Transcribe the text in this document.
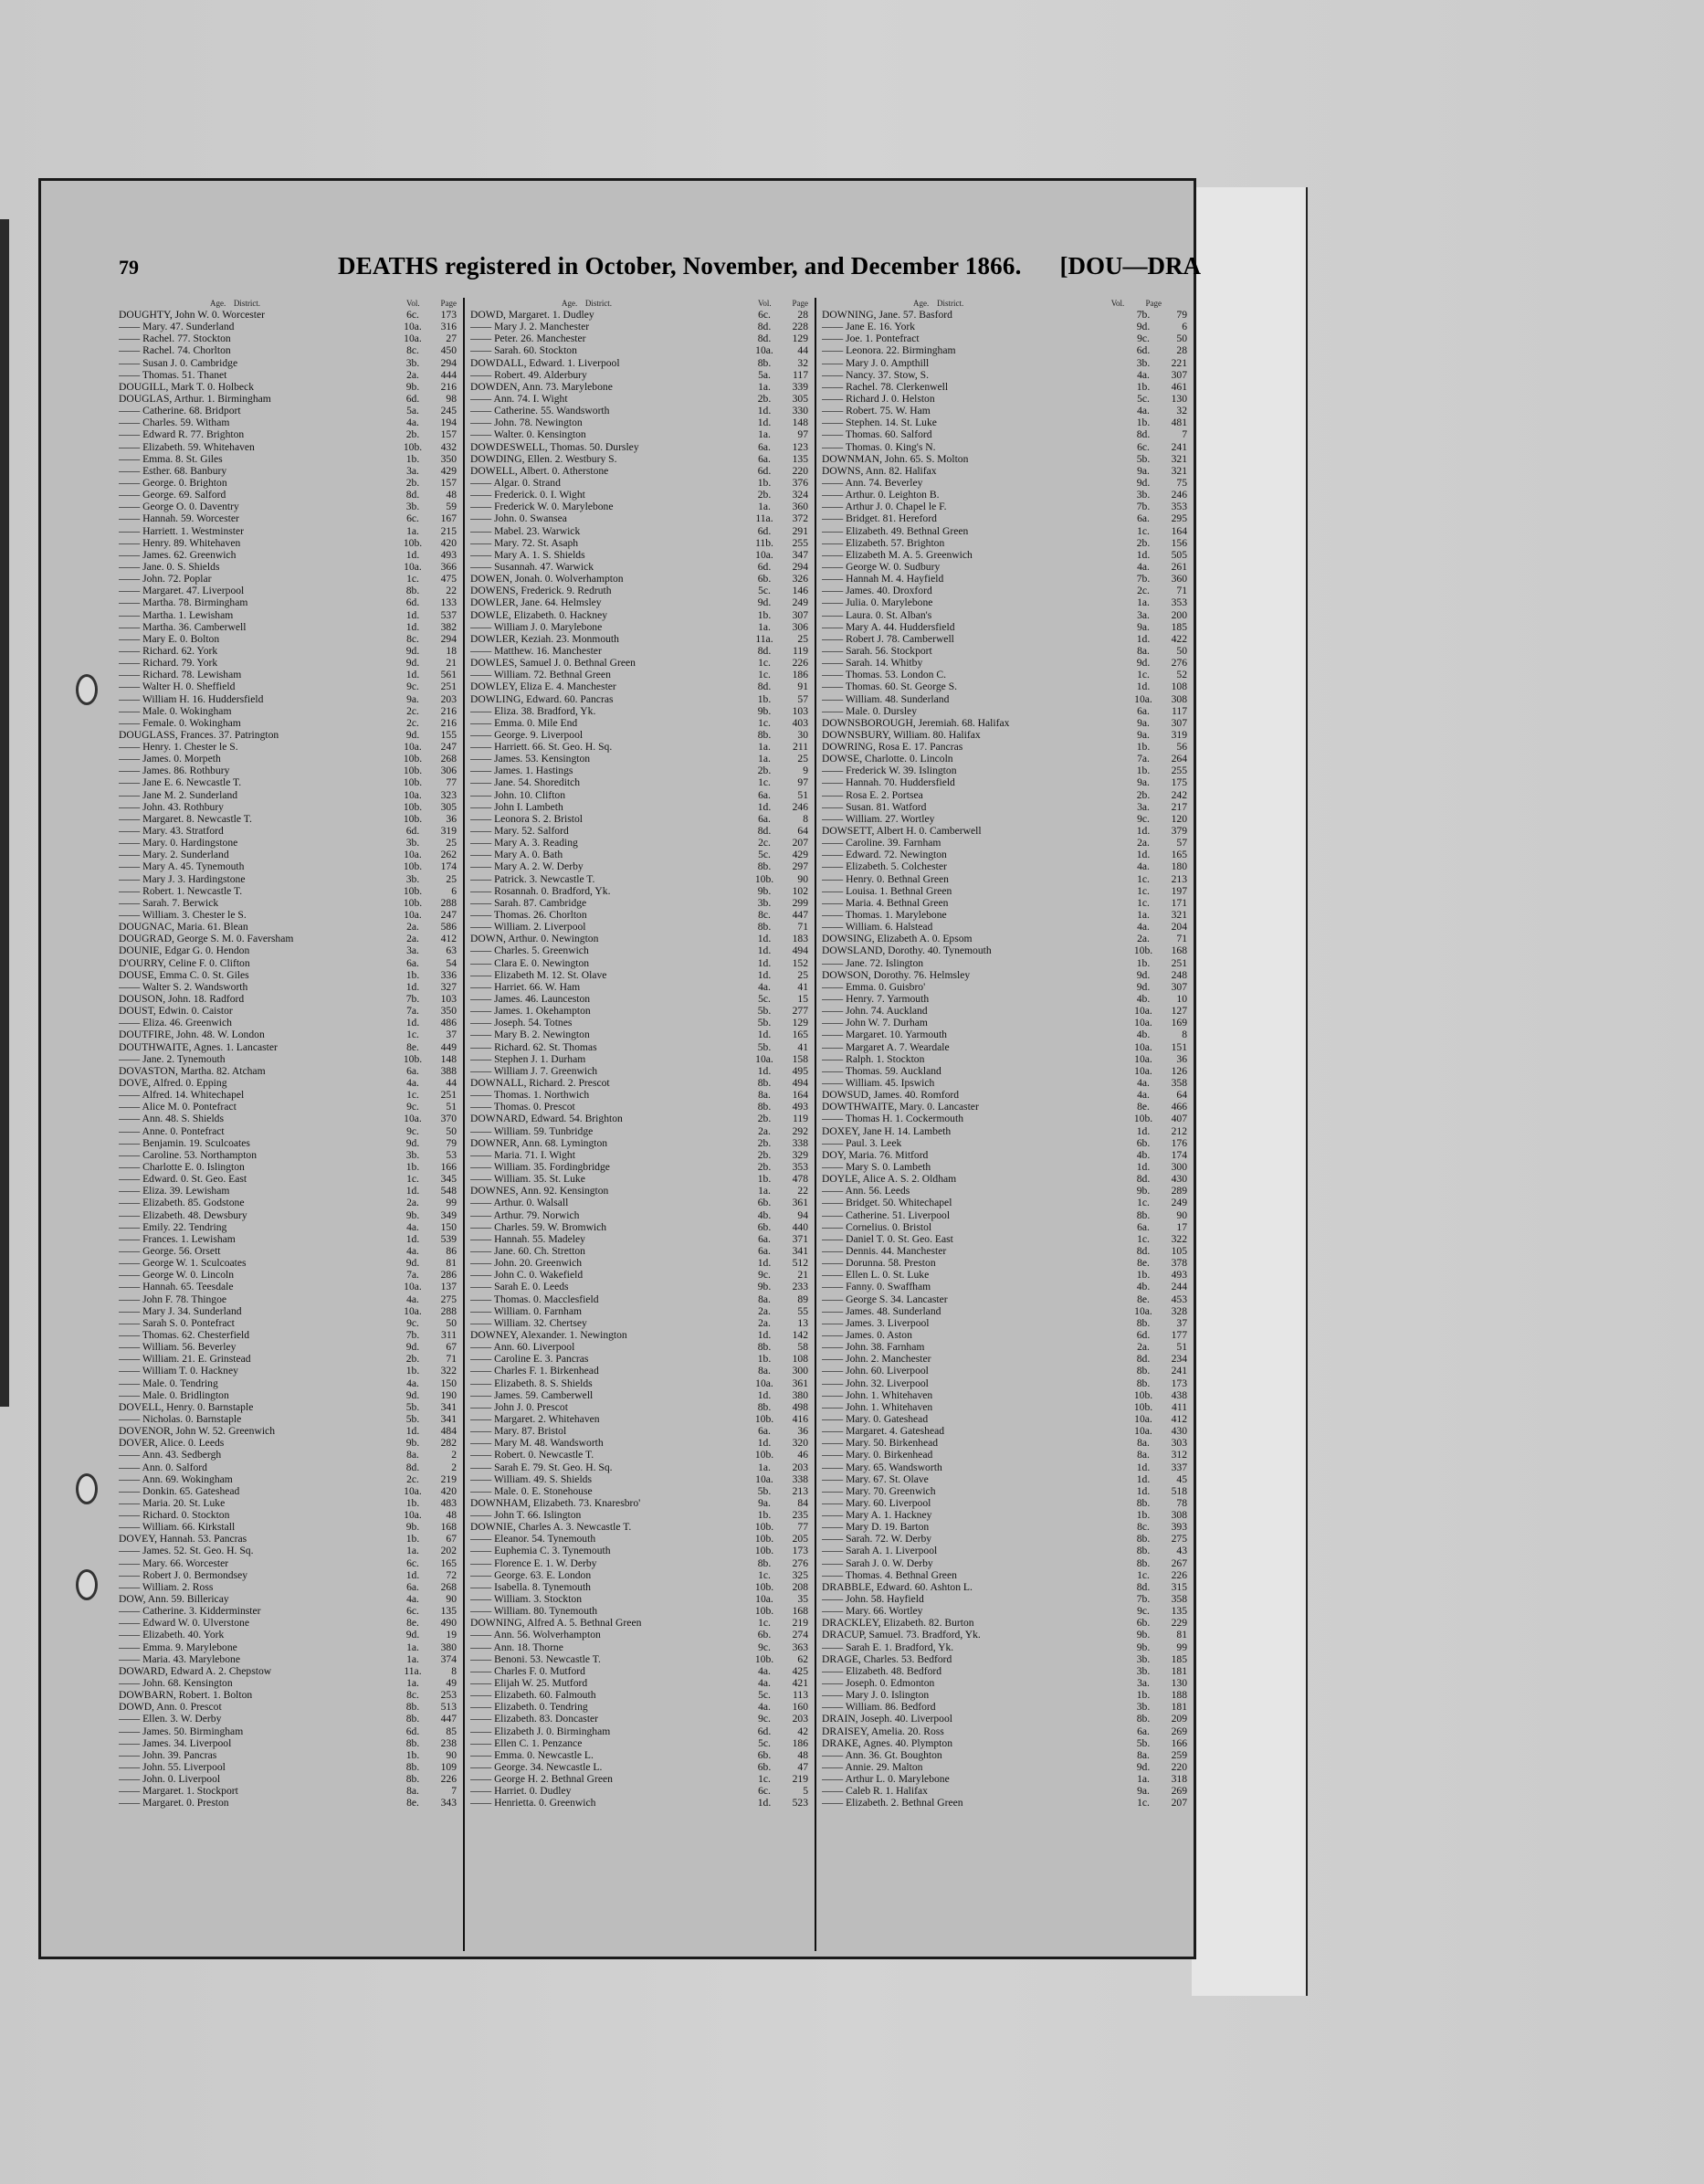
79	DEATHS registered in October, November, and December 1866. [DOU—DRA
Age. District.	Vol.	Page
DOUGHTY, John W. 0. Worcester	6c.	173
—— Mary. 47. Sunderland	10a.	316
—— Rachel. 77. Stockton	10a.	27
—— Rachel. 74. Chorlton	8c.	450
—— Susan J. 0. Cambridge	3b.	294
—— Thomas. 51. Thanet	2a.	444
DOUGILL, Mark T. 0. Holbeck	9b.	216
DOUGLAS, Arthur. 1. Birmingham	6d.	98
—— Catherine. 68. Bridport	5a.	245
—— Charles. 59. Witham	4a.	194
—— Edward R. 77. Brighton	2b.	157
—— Elizabeth. 59. Whitehaven	10b.	432
—— Emma. 8. St. Giles	1b.	350
—— Esther. 68. Banbury	3a.	429
—— George. 0. Brighton	2b.	157
—— George. 69. Salford	8d.	48
—— George O. 0. Daventry	3b.	59
—— Hannah. 59. Worcester	6c.	167
—— Harriett. 1. Westminster	1a.	215
—— Henry. 89. Whitehaven	10b.	420
—— James. 62. Greenwich	1d.	493
—— Jane. 0. S. Shields	10a.	366
—— John. 72. Poplar	1c.	475
—— Margaret. 47. Liverpool	8b.	22
—— Martha. 78. Birmingham	6d.	133
—— Martha. 1. Lewisham	1d.	537
—— Martha. 36. Camberwell	1d.	382
—— Mary E. 0. Bolton	8c.	294
—— Richard. 62. York	9d.	18
—— Richard. 79. York	9d.	21
—— Richard. 78. Lewisham	1d.	561
—— Walter H. 0. Sheffield	9c.	251
—— William H. 16. Huddersfield	9a.	203
—— Male. 0. Wokingham	2c.	216
—— Female. 0. Wokingham	2c.	216
DOUGLASS, Frances. 37. Patrington	9d.	155
—— Henry. 1. Chester le S.	10a.	247
—— James. 0. Morpeth	10b.	268
—— James. 86. Rothbury	10b.	306
—— Jane E. 6. Newcastle T.	10b.	77
—— Jane M. 2. Sunderland	10a.	323
—— John. 43. Rothbury	10b.	305
—— Margaret. 8. Newcastle T.	10b.	36
—— Mary. 43. Stratford	6d.	319
—— Mary. 0. Hardingstone	3b.	25
—— Mary. 2. Sunderland	10a.	262
—— Mary A. 45. Tynemouth	10b.	174
—— Mary J. 3. Hardingstone	3b.	25
—— Robert. 1. Newcastle T.	10b.	6
—— Sarah. 7. Berwick	10b.	288
—— William. 3. Chester le S.	10a.	247
DOUGNAC, Maria. 61. Blean	2a.	586
DOUGRAD, George S. M. 0. Faversham	2a.	412
DOUNIE, Edgar G. 0. Hendon	3a.	63
D'OURRY, Celine F. 0. Clifton	6a.	54
DOUSE, Emma C. 0. St. Giles	1b.	336
—— Walter S. 2. Wandsworth	1d.	327
DOUSON, John. 18. Radford	7b.	103
DOUST, Edwin. 0. Caistor	7a.	350
—— Eliza. 46. Greenwich	1d.	486
DOUTFIRE, John. 48. W. London	1c.	37
DOUTHWAITE, Agnes. 1. Lancaster	8e.	449
—— Jane. 2. Tynemouth	10b.	148
DOVASTON, Martha. 82. Atcham	6a.	388
DOVE, Alfred. 0. Epping	4a.	44
—— Alfred. 14. Whitechapel	1c.	251
—— Alice M. 0. Pontefract	9c.	51
—— Ann. 48. S. Shields	10a.	370
—— Anne. 0. Pontefract	9c.	50
—— Benjamin. 19. Sculcoates	9d.	79
—— Caroline. 53. Northampton	3b.	53
—— Charlotte E. 0. Islington	1b.	166
—— Edward. 0. St. Geo. East	1c.	345
—— Eliza. 39. Lewisham	1d.	548
—— Elizabeth. 85. Godstone	2a.	99
—— Elizabeth. 48. Dewsbury	9b.	349
—— Emily. 22. Tendring	4a.	150
—— Frances. 1. Lewisham	1d.	539
—— George. 56. Orsett	4a.	86
—— George W. 1. Sculcoates	9d.	81
—— George W. 0. Lincoln	7a.	286
—— Hannah. 65. Teesdale	10a.	137
—— John F. 78. Thingoe	4a.	275
—— Mary J. 34. Sunderland	10a.	288
—— Sarah S. 0. Pontefract	9c.	50
—— Thomas. 62. Chesterfield	7b.	311
—— William. 56. Beverley	9d.	67
—— William. 21. E. Grinstead	2b.	71
—— William T. 0. Hackney	1b.	322
—— Male. 0. Tendring	4a.	150
—— Male. 0. Bridlington	9d.	190
DOVELL, Henry. 0. Barnstaple	5b.	341
—— Nicholas. 0. Barnstaple	5b.	341
DOVENOR, John W. 52. Greenwich	1d.	484
DOVER, Alice. 0. Leeds	9b.	282
—— Ann. 43. Sedbergh	8a.	2
—— Ann. 0. Salford	8d.	2
—— Ann. 69. Wokingham	2c.	219
—— Donkin. 65. Gateshead	10a.	420
—— Maria. 20. St. Luke	1b.	483
—— Richard. 0. Stockton	10a.	48
—— William. 66. Kirkstall	9b.	168
DOVEY, Hannah. 53. Pancras	1b.	67
—— James. 52. St. Geo. H. Sq.	1a.	202
—— Mary. 66. Worcester	6c.	165
—— Robert J. 0. Bermondsey	1d.	72
—— William. 2. Ross	6a.	268
DOW, Ann. 59. Billericay	4a.	90
—— Catherine. 3. Kidderminster	6c.	135
—— Edward W. 0. Ulverstone	8e.	490
—— Elizabeth. 40. York	9d.	19
—— Emma. 9. Marylebone	1a.	380
—— Maria. 43. Marylebone	1a.	374
DOWARD, Edward A. 2. Chepstow	11a.	8
—— John. 68. Kensington	1a.	49
DOWBARN, Robert. 1. Bolton	8c.	253
DOWD, Ann. 0. Prescot	8b.	513
—— Ellen. 3. W. Derby	8b.	447
—— James. 50. Birmingham	6d.	85
—— James. 34. Liverpool	8b.	238
—— John. 39. Pancras	1b.	90
—— John. 55. Liverpool	8b.	109
—— John. 0. Liverpool	8b.	226
—— Margaret. 1. Stockport	8a.	7
—— Margaret. 0. Preston	8e.	343
Age. District.	Vol.	Page
DOWD, Margaret. 1. Dudley	6c.	28
—— Mary J. 2. Manchester	8d.	228
—— Peter. 26. Manchester	8d.	129
—— Sarah. 60. Stockton	10a.	44
DOWDALL, Edward. 1. Liverpool	8b.	32
—— Robert. 49. Alderbury	5a.	117
DOWDEN, Ann. 73. Marylebone	1a.	339
—— Ann. 74. I. Wight	2b.	305
—— Catherine. 55. Wandsworth	1d.	330
—— John. 78. Newington	1d.	148
—— Walter. 0. Kensington	1a.	97
DOWDESWELL, Thomas. 50. Dursley	6a.	123
DOWDING, Ellen. 2. Westbury S.	6a.	135
DOWELL, Albert. 0. Atherstone	6d.	220
—— Algar. 0. Strand	1b.	376
—— Frederick. 0. I. Wight	2b.	324
—— Frederick W. 0. Marylebone	1a.	360
—— John. 0. Swansea	11a.	372
—— Mabel. 23. Warwick	6d.	291
—— Mary. 72. St. Asaph	11b.	255
—— Mary A. 1. S. Shields	10a.	347
—— Susannah. 47. Warwick	6d.	294
DOWEN, Jonah. 0. Wolverhampton	6b.	326
DOWENS, Frederick. 9. Redruth	5c.	146
DOWLER, Jane. 64. Helmsley	9d.	249
DOWLE, Elizabeth. 0. Hackney	1b.	307
—— William J. 0. Marylebone	1a.	306
DOWLER, Keziah. 23. Monmouth	11a.	25
—— Matthew. 16. Manchester	8d.	119
DOWLES, Samuel J. 0. Bethnal Green	1c.	226
—— William. 72. Bethnal Green	1c.	186
DOWLEY, Eliza E. 4. Manchester	8d.	91
DOWLING, Edward. 60. Pancras	1b.	57
—— Eliza. 38. Bradford, Yk.	9b.	103
—— Emma. 0. Mile End	1c.	403
—— George. 9. Liverpool	8b.	30
—— Harriett. 66. St. Geo. H. Sq.	1a.	211
—— James. 53. Kensington	1a.	25
—— James. 1. Hastings	2b.	9
—— Jane. 54. Shoreditch	1c.	97
—— John. 10. Clifton	6a.	51
—— John I. Lambeth	1d.	246
—— Leonora S. 2. Bristol	6a.	8
—— Mary. 52. Salford	8d.	64
—— Mary A. 3. Reading	2c.	207
—— Mary A. 0. Bath	5c.	429
—— Mary A. 2. W. Derby	8b.	297
—— Patrick. 3. Newcastle T.	10b.	90
—— Rosannah. 0. Bradford, Yk.	9b.	102
—— Sarah. 87. Cambridge	3b.	299
—— Thomas. 26. Chorlton	8c.	447
—— William. 2. Liverpool	8b.	71
DOWN, Arthur. 0. Newington	1d.	183
—— Charles. 5. Greenwich	1d.	494
—— Clara E. 0. Newington	1d.	152
—— Elizabeth M. 12. St. Olave	1d.	25
—— Harriet. 66. W. Ham	4a.	41
—— James. 46. Launceston	5c.	15
—— James. 1. Okehampton	5b.	277
—— Joseph. 54. Totnes	5b.	129
—— Mary B. 2. Newington	1d.	165
—— Richard. 62. St. Thomas	5b.	41
—— Stephen J. 1. Durham	10a.	158
—— William J. 7. Greenwich	1d.	495
DOWNALL, Richard. 2. Prescot	8b.	494
—— Thomas. 1. Northwich	8a.	164
—— Thomas. 0. Prescot	8b.	493
DOWNARD, Edward. 54. Brighton	2b.	119
—— William. 59. Tunbridge	2a.	292
DOWNER, Ann. 68. Lymington	2b.	338
—— Maria. 71. I. Wight	2b.	329
—— William. 35. Fordingbridge	2b.	353
—— William. 35. St. Luke	1b.	478
DOWNES, Ann. 92. Kensington	1a.	22
—— Arthur. 0. Walsall	6b.	361
—— Arthur. 79. Norwich	4b.	94
—— Charles. 59. W. Bromwich	6b.	440
—— Hannah. 55. Madeley	6a.	371
—— Jane. 60. Ch. Stretton	6a.	341
—— John. 20. Greenwich	1d.	512
—— John C. 0. Wakefield	9c.	21
—— Sarah E. 0. Leeds	9b.	233
—— Thomas. 0. Macclesfield	8a.	89
—— William. 0. Farnham	2a.	55
—— William. 32. Chertsey	2a.	13
DOWNEY, Alexander. 1. Newington	1d.	142
—— Ann. 60. Liverpool	8b.	58
—— Caroline E. 3. Pancras	1b.	108
—— Charles F. 1. Birkenhead	8a.	300
—— Elizabeth. 8. S. Shields	10a.	361
—— James. 59. Camberwell	1d.	380
—— John J. 0. Prescot	8b.	498
—— Margaret. 2. Whitehaven	10b.	416
—— Mary. 87. Bristol	6a.	36
—— Mary M. 48. Wandsworth	1d.	320
—— Robert. 0. Newcastle T.	10b.	46
—— Sarah E. 79. St. Geo. H. Sq.	1a.	203
—— William. 49. S. Shields	10a.	338
—— Male. 0. E. Stonehouse	5b.	213
DOWNHAM, Elizabeth. 73. Knaresbro'	9a.	84
—— John T. 66. Islington	1b.	235
DOWNIE, Charles A. 3. Newcastle T.	10b.	77
—— Eleanor. 54. Tynemouth	10b.	205
—— Euphemia C. 3. Tynemouth	10b.	173
—— Florence E. 1. W. Derby	8b.	276
—— George. 63. E. London	1c.	325
—— Isabella. 8. Tynemouth	10b.	208
—— William. 3. Stockton	10a.	35
—— William. 80. Tynemouth	10b.	168
DOWNING, Alfred A. 5. Bethnal Green	1c.	219
—— Ann. 56. Wolverhampton	6b.	274
—— Ann. 18. Thorne	9c.	363
—— Benoni. 53. Newcastle T.	10b.	62
—— Charles F. 0. Mutford	4a.	425
—— Elijah W. 25. Mutford	4a.	421
—— Elizabeth. 60. Falmouth	5c.	113
—— Elizabeth. 0. Tendring	4a.	160
—— Elizabeth. 83. Doncaster	9c.	203
—— Elizabeth J. 0. Birmingham	6d.	42
—— Ellen C. 1. Penzance	5c.	186
—— Emma. 0. Newcastle L.	6b.	48
—— George. 34. Newcastle L.	6b.	47
—— George H. 2. Bethnal Green	1c.	219
—— Harriet. 0. Dudley	6c.	5
—— Henrietta. 0. Greenwich	1d.	523
Age. District.	Vol.	Page
DOWNING, Jane. 57. Basford	7b.	79
—— Jane E. 16. York	9d.	6
—— Joe. 1. Pontefract	9c.	50
—— Leonora. 22. Birmingham	6d.	28
—— Mary J. 0. Ampthill	3b.	221
—— Nancy. 37. Stow, S.	4a.	307
—— Rachel. 78. Clerkenwell	1b.	461
—— Richard J. 0. Helston	5c.	130
—— Robert. 75. W. Ham	4a.	32
—— Stephen. 14. St. Luke	1b.	481
—— Thomas. 60. Salford	8d.	7
—— Thomas. 0. King's N.	6c.	241
DOWNMAN, John. 65. S. Molton	5b.	321
DOWNS, Ann. 82. Halifax	9a.	321
—— Ann. 74. Beverley	9d.	75
—— Arthur. 0. Leighton B.	3b.	246
—— Arthur J. 0. Chapel le F.	7b.	353
—— Bridget. 81. Hereford	6a.	295
—— Elizabeth. 49. Bethnal Green	1c.	164
—— Elizabeth. 57. Brighton	2b.	156
—— Elizabeth M. A. 5. Greenwich	1d.	505
—— George W. 0. Sudbury	4a.	261
—— Hannah M. 4. Hayfield	7b.	360
—— James. 40. Droxford	2c.	71
—— Julia. 0. Marylebone	1a.	353
—— Laura. 0. St. Alban's	3a.	200
—— Mary A. 44. Huddersfield	9a.	185
—— Robert J. 78. Camberwell	1d.	422
—— Sarah. 56. Stockport	8a.	50
—— Sarah. 14. Whitby	9d.	276
—— Thomas. 53. London C.	1c.	52
—— Thomas. 60. St. George S.	1d.	108
—— William. 48. Sunderland	10a.	308
—— Male. 0. Dursley	6a.	117
DOWNSBOROUGH, Jeremiah. 68. Halifax	9a.	307
DOWNSBURY, William. 80. Halifax	9a.	319
DOWRING, Rosa E. 17. Pancras	1b.	56
DOWSE, Charlotte. 0. Lincoln	7a.	264
—— Frederick W. 39. Islington	1b.	255
—— Hannah. 70. Huddersfield	9a.	175
—— Rosa E. 2. Portsea	2b.	242
—— Susan. 81. Watford	3a.	217
—— William. 27. Wortley	9c.	120
DOWSETT, Albert H. 0. Camberwell	1d.	379
—— Caroline. 39. Farnham	2a.	57
—— Edward. 72. Newington	1d.	165
—— Elizabeth. 5. Colchester	4a.	180
—— Henry. 0. Bethnal Green	1c.	213
—— Louisa. 1. Bethnal Green	1c.	197
—— Maria. 4. Bethnal Green	1c.	171
—— Thomas. 1. Marylebone	1a.	321
—— William. 6. Halstead	4a.	204
DOWSING, Elizabeth A. 0. Epsom	2a.	71
DOWSLAND, Dorothy. 40. Tynemouth	10b.	168
—— Jane. 72. Islington	1b.	251
DOWSON, Dorothy. 76. Helmsley	9d.	248
—— Emma. 0. Guisbro'	9d.	307
—— Henry. 7. Yarmouth	4b.	10
—— John. 74. Auckland	10a.	127
—— John W. 7. Durham	10a.	169
—— Margaret. 10. Yarmouth	4b.	8
—— Margaret A. 7. Weardale	10a.	151
—— Ralph. 1. Stockton	10a.	36
—— Thomas. 59. Auckland	10a.	126
—— William. 45. Ipswich	4a.	358
DOWSUD, James. 40. Romford	4a.	64
DOWTHWAITE, Mary. 0. Lancaster	8e.	466
—— Thomas H. 1. Cockermouth	10b.	407
DOXEY, Jane H. 14. Lambeth	1d.	212
—— Paul. 3. Leek	6b.	176
DOY, Maria. 76. Mitford	4b.	174
—— Mary S. 0. Lambeth	1d.	300
DOYLE, Alice A. S. 2. Oldham	8d.	430
—— Ann. 56. Leeds	9b.	289
—— Bridget. 50. Whitechapel	1c.	249
—— Catherine. 51. Liverpool	8b.	90
—— Cornelius. 0. Bristol	6a.	17
—— Daniel T. 0. St. Geo. East	1c.	322
—— Dennis. 44. Manchester	8d.	105
—— Dorunna. 58. Preston	8e.	378
—— Ellen L. 0. St. Luke	1b.	493
—— Fanny. 0. Swaffham	4b.	244
—— George S. 34. Lancaster	8e.	453
—— James. 48. Sunderland	10a.	328
—— James. 3. Liverpool	8b.	37
—— James. 0. Aston	6d.	177
—— John. 38. Farnham	2a.	51
—— John. 2. Manchester	8d.	234
—— John. 60. Liverpool	8b.	241
—— John. 32. Liverpool	8b.	173
—— John. 1. Whitehaven	10b.	438
—— John. 1. Whitehaven	10b.	411
—— Mary. 0. Gateshead	10a.	412
—— Margaret. 4. Gateshead	10a.	430
—— Mary. 50. Birkenhead	8a.	303
—— Mary. 0. Birkenhead	8a.	312
—— Mary. 65. Wandsworth	1d.	337
—— Mary. 67. St. Olave	1d.	45
—— Mary. 70. Greenwich	1d.	518
—— Mary. 60. Liverpool	8b.	78
—— Mary A. 1. Hackney	1b.	308
—— Mary D. 19. Barton	8c.	393
—— Sarah. 72. W. Derby	8b.	275
—— Sarah A. 1. Liverpool	8b.	43
—— Sarah J. 0. W. Derby	8b.	267
—— Thomas. 4. Bethnal Green	1c.	226
DRABBLE, Edward. 60. Ashton L.	8d.	315
—— John. 58. Hayfield	7b.	358
—— Mary. 66. Wortley	9c.	135
DRACKLEY, Elizabeth. 82. Burton	6b.	229
DRACUP, Samuel. 73. Bradford, Yk.	9b.	81
—— Sarah E. 1. Bradford, Yk.	9b.	99
DRAGE, Charles. 53. Bedford	3b.	185
—— Elizabeth. 48. Bedford	3b.	181
—— Joseph. 0. Edmonton	3a.	130
—— Mary J. 0. Islington	1b.	188
—— William. 86. Bedford	3b.	181
DRAIN, Joseph. 40. Liverpool	8b.	209
DRAISEY, Amelia. 20. Ross	6a.	269
DRAKE, Agnes. 40. Plympton	5b.	166
—— Ann. 36. Gt. Boughton	8a.	259
—— Annie. 29. Malton	9d.	220
—— Arthur L. 0. Marylebone	1a.	318
—— Caleb R. 1. Halifax	9a.	269
—— Elizabeth. 2. Bethnal Green	1c.	207
